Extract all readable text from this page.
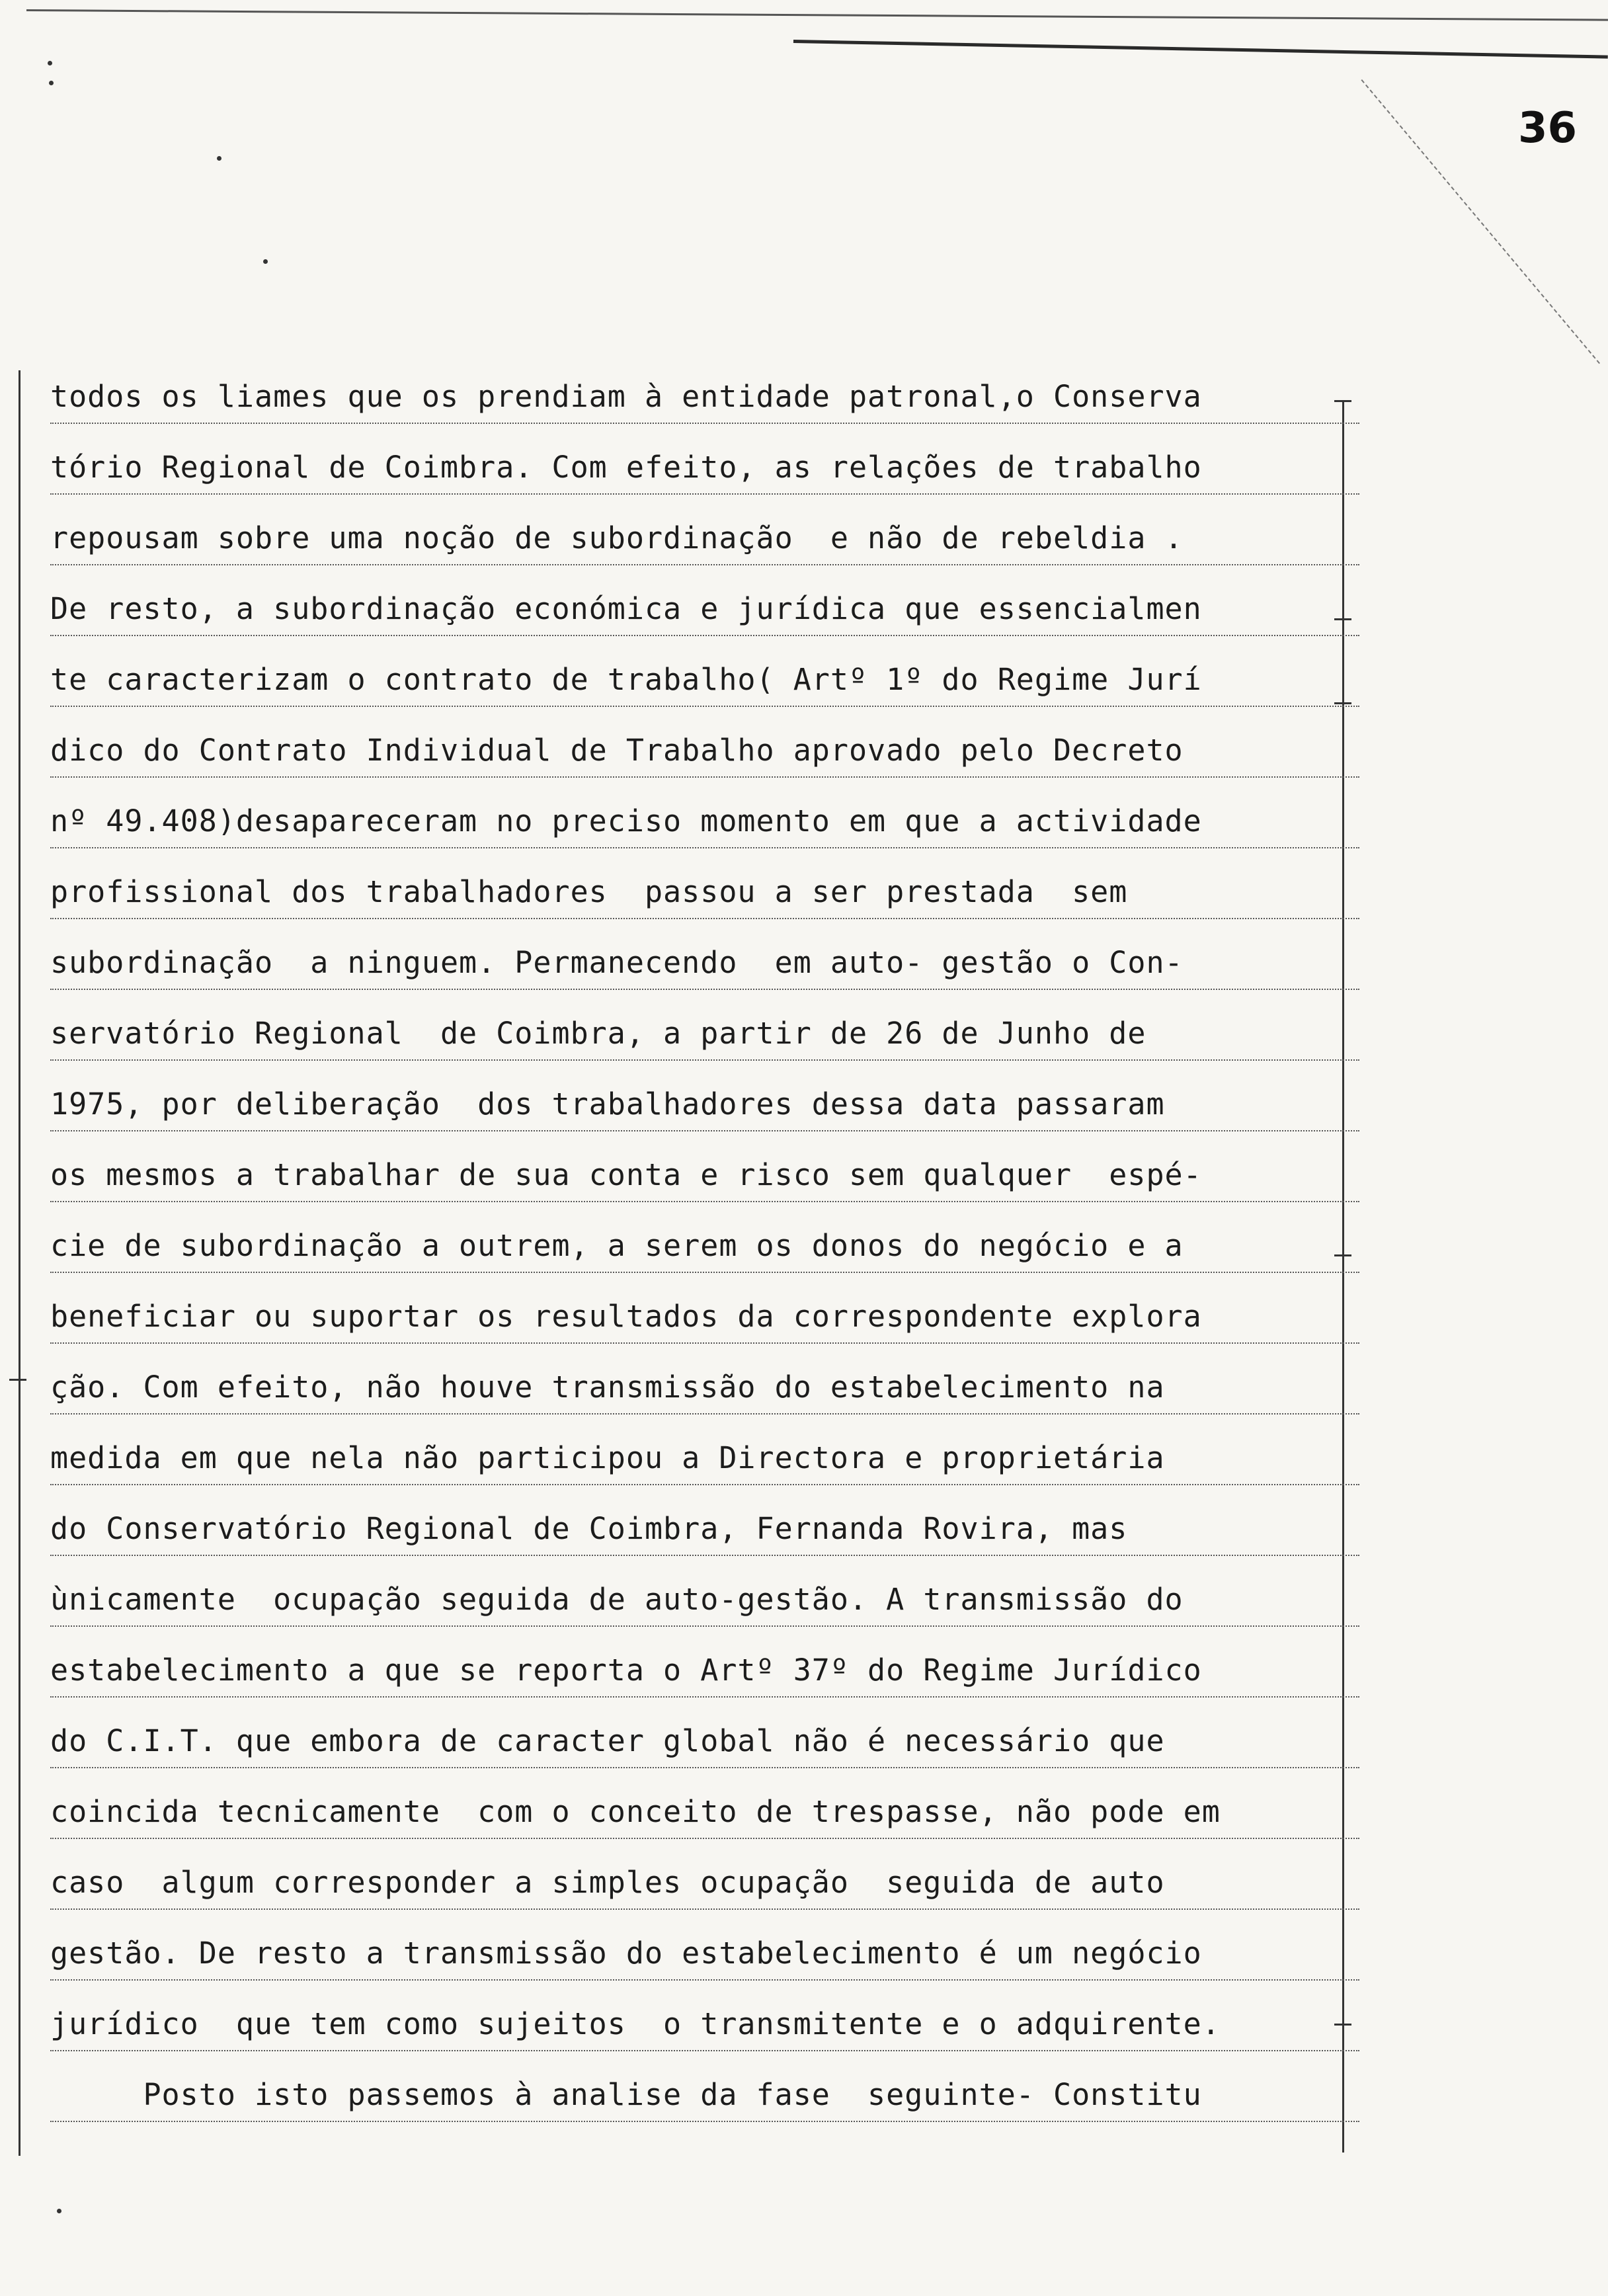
36
todos os liames que os prendiam à entidade patronal,o Conserva
tório Regional de Coimbra. Com efeito, as relações de trabalho
repousam sobre uma noção de subordinação  e não de rebeldia .
De resto, a subordinação económica e jurídica que essencialmen
te caracterizam o contrato de trabalho( Artº 1º do Regime Jurí
dico do Contrato Individual de Trabalho aprovado pelo Decreto
nº 49.408)desapareceram no preciso momento em que a actividade
profissional dos trabalhadores  passou a ser prestada  sem
subordinação  a ninguem. Permanecendo  em auto- gestão o Con-
servatório Regional  de Coimbra, a partir de 26 de Junho de
1975, por deliberação  dos trabalhadores dessa data passaram
os mesmos a trabalhar de sua conta e risco sem qualquer  espé-
cie de subordinação a outrem, a serem os donos do negócio e a
beneficiar ou suportar os resultados da correspondente explora
ção. Com efeito, não houve transmissão do estabelecimento na
medida em que nela não participou a Directora e proprietária
do Conservatório Regional de Coimbra, Fernanda Rovira, mas
ùnicamente  ocupação seguida de auto-gestão. A transmissão do
estabelecimento a que se reporta o Artº 37º do Regime Jurídico
do C.I.T. que embora de caracter global não é necessário que
coincida tecnicamente  com o conceito de trespasse, não pode em
caso  algum corresponder a simples ocupação  seguida de auto
gestão. De resto a transmissão do estabelecimento é um negócio
jurídico  que tem como sujeitos  o transmitente e o adquirente.
Posto isto passemos à analise da fase  seguinte- Constitu
